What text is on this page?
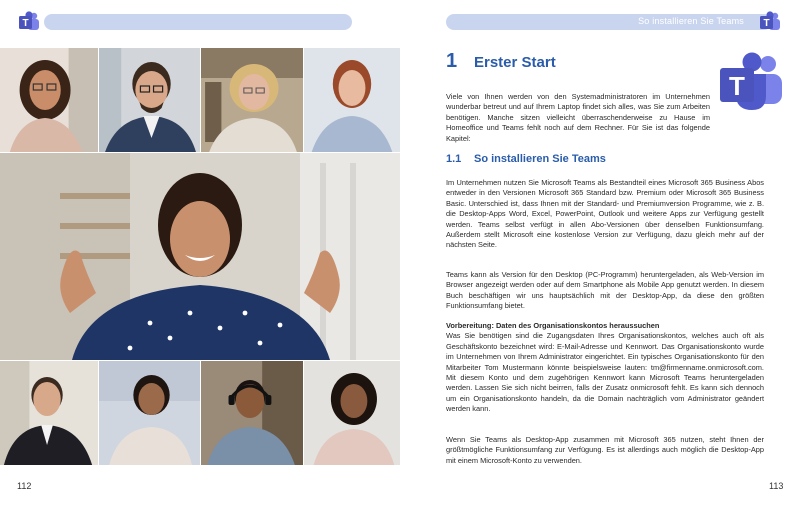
T
112
So installieren Sie Teams T
1 Erster Start
T

Viele von Ihnen werden von den Systemadministratoren im Unternehmen wunderbar betreut und auf Ihrem Laptop findet sich alles, was Sie zum Arbeiten benötigen. Manche sitzen vielleicht überraschenderweise zu Hause im Homeoffice und Teams fehlt noch auf dem Rechner. Für Sie ist das folgende Kapitel:

1.1 So installieren Sie Teams

Im Unternehmen nutzen Sie Microsoft Teams als Bestandteil eines Microsoft 365 Business Abos entweder in den Versionen Microsoft 365 Standard bzw. Premium oder Microsoft 365 Business Basic. Unterschied ist, dass Ihnen mit der Standard- und Premiumversion Programme, wie z. B. die Desktop-Apps Word, Excel, PowerPoint, Outlook und weitere Apps zur Verfügung gestellt werden. Teams selbst verfügt in allen Abo-Versionen über denselben Funktionsumfang. Außerdem stellt Microsoft eine kostenlose Version zur Verfügung, dazu gleich mehr auf der nächsten Seite.

Teams kann als Version für den Desktop (PC-Programm) heruntergeladen, als Web-Version im Browser angezeigt werden oder auf dem Smartphone als Mobile App genutzt werden. In diesem Buch beschäftigen wir uns hauptsächlich mit der Desktop-App, da diese den größten Funktionsumfang bietet.

Vorbereitung: Daten des Organisationskontos heraussuchen
Was Sie benötigen sind die Zugangsdaten Ihres Organisationskontos, welches auch oft als Geschäftskonto bezeichnet wird: E-Mail-Adresse und Kennwort. Das Organisationskonto wurde im Unternehmen von Ihrem Administrator eingerichtet. Ein typisches Organisationskonto für den Mitarbeiter Tom Mustermann könnte beispielsweise lauten: tm@firmenname.onmicrosoft.com. Mit diesem Konto und dem zugehörigen Kennwort kann Microsoft Teams heruntergeladen werden. Lassen Sie sich nicht beirren, falls der Zusatz onmicrosoft fehlt. Es kann sich dennoch um ein Organisationskonto handeln, da die Domain nachträglich vom Administrator geändert werden kann.

Wenn Sie Teams als Desktop-App zusammen mit Microsoft 365 nutzen, steht Ihnen der größtmögliche Funktionsumfang zur Verfügung. Es ist allerdings auch möglich die Desktop-App mit einem Microsoft-Konto zu verwenden.

113
